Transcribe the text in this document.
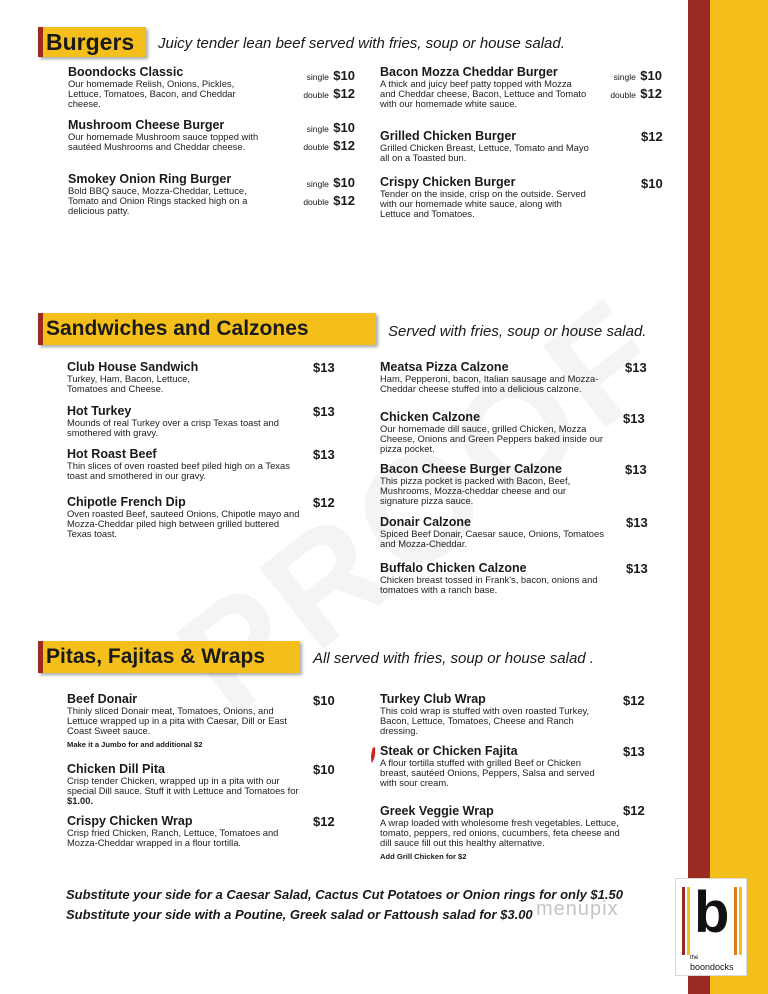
Burgers Juicy tender lean beef served with fries, soup or house salad.
Boondocks Classic
Our homemade Relish, Onions, Pickles, Lettuce, Tomatoes, Bacon, and Cheddar cheese.
single $10
double $12
Mushroom Cheese Burger
Our homemade Mushroom sauce topped with sautéed Mushrooms and Cheddar cheese.
single $10
double $12
Smokey Onion Ring Burger
Bold BBQ sauce, Mozza-Cheddar, Lettuce, Tomato and Onion Rings stacked high on a delicious patty.
single $10
double $12
Bacon Mozza Cheddar Burger
A thick and juicy beef patty topped with Mozza and Cheddar cheese, Bacon, Lettuce and Tomato with our homemade white sauce.
single $10
double $12
Grilled Chicken Burger
Grilled Chicken Breast, Lettuce, Tomato and Mayo all on a Toasted bun.
$12
Crispy Chicken Burger
Tender on the inside, crisp on the outside. Served with our homemade white sauce, along with Lettuce and Tomatoes.
$10
Sandwiches and Calzones	Served with fries, soup or house salad.
Club House Sandwich
Turkey, Ham, Bacon, Lettuce, Tomatoes and Cheese.
$13
Hot Turkey
Mounds of real Turkey over a crisp Texas toast and smothered with gravy.
$13
Hot Roast Beef
Thin slices of oven roasted beef piled high on a Texas toast and smothered in our gravy.
$13
Chipotle French Dip
Oven roasted Beef, sauteed Onions, Chipotle mayo and Mozza-Cheddar piled high between grilled buttered Texas toast.
$12
Meatsa Pizza Calzone
Ham, Pepperoni, bacon, Italian sausage and Mozza-Cheddar cheese stuffed into a delicious calzone.
$13
Chicken Calzone
Our homemade dill sauce, grilled Chicken, Mozza Cheese, Onions and Green Peppers baked inside our pizza pocket.
$13
Bacon Cheese Burger Calzone
This pizza pocket is packed with Bacon, Beef, Mushrooms, Mozza-cheddar cheese and our signature pizza sauce.
$13
Donair Calzone
Spiced Beef Donair, Caesar sauce, Onions, Tomatoes and Mozza-Cheddar.
$13
Buffalo Chicken Calzone
Chicken breast tossed in Frank's, bacon, onions and tomatoes with a ranch base.
$13
Pitas, Fajitas & Wraps	All served with fries, soup or house salad .
Beef Donair
Thinly sliced Donair meat, Tomatoes, Onions, and Lettuce wrapped up in a pita with Caesar, Dill or East Coast Sweet sauce.
Make it a Jumbo for and additional $2
$10
Chicken Dill Pita
Crisp tender Chicken, wrapped up in a pita with our special Dill sauce. Stuff it with Lettuce and Tomatoes for $1.00.
$10
Crispy Chicken Wrap
Crisp fried Chicken, Ranch, Lettuce, Tomatoes and Mozza-Cheddar wrapped in a flour tortilla.
$12
Turkey Club Wrap
This cold wrap is stuffed with oven roasted Turkey, Bacon, Lettuce, Tomatoes, Cheese and Ranch dressing.
$12
Steak or Chicken Fajita
A flour tortilla stuffed with grilled Beef or Chicken breast, sautéed Onions, Peppers, Salsa and served with sour cream.
$13
Greek Veggie Wrap
A wrap loaded with wholesome fresh vegetables. Lettuce, tomato, peppers, red onions, cucumbers, feta cheese and dill sauce fill out this healthy alternative.
Add Grill Chicken for $2
$12
Substitute your side for a Caesar Salad, Cactus Cut Potatoes or Onion rings for only $1.50
Substitute your side with a Poutine, Greek salad or Fattoush salad for $3.00 menupix b
the
boondocks
